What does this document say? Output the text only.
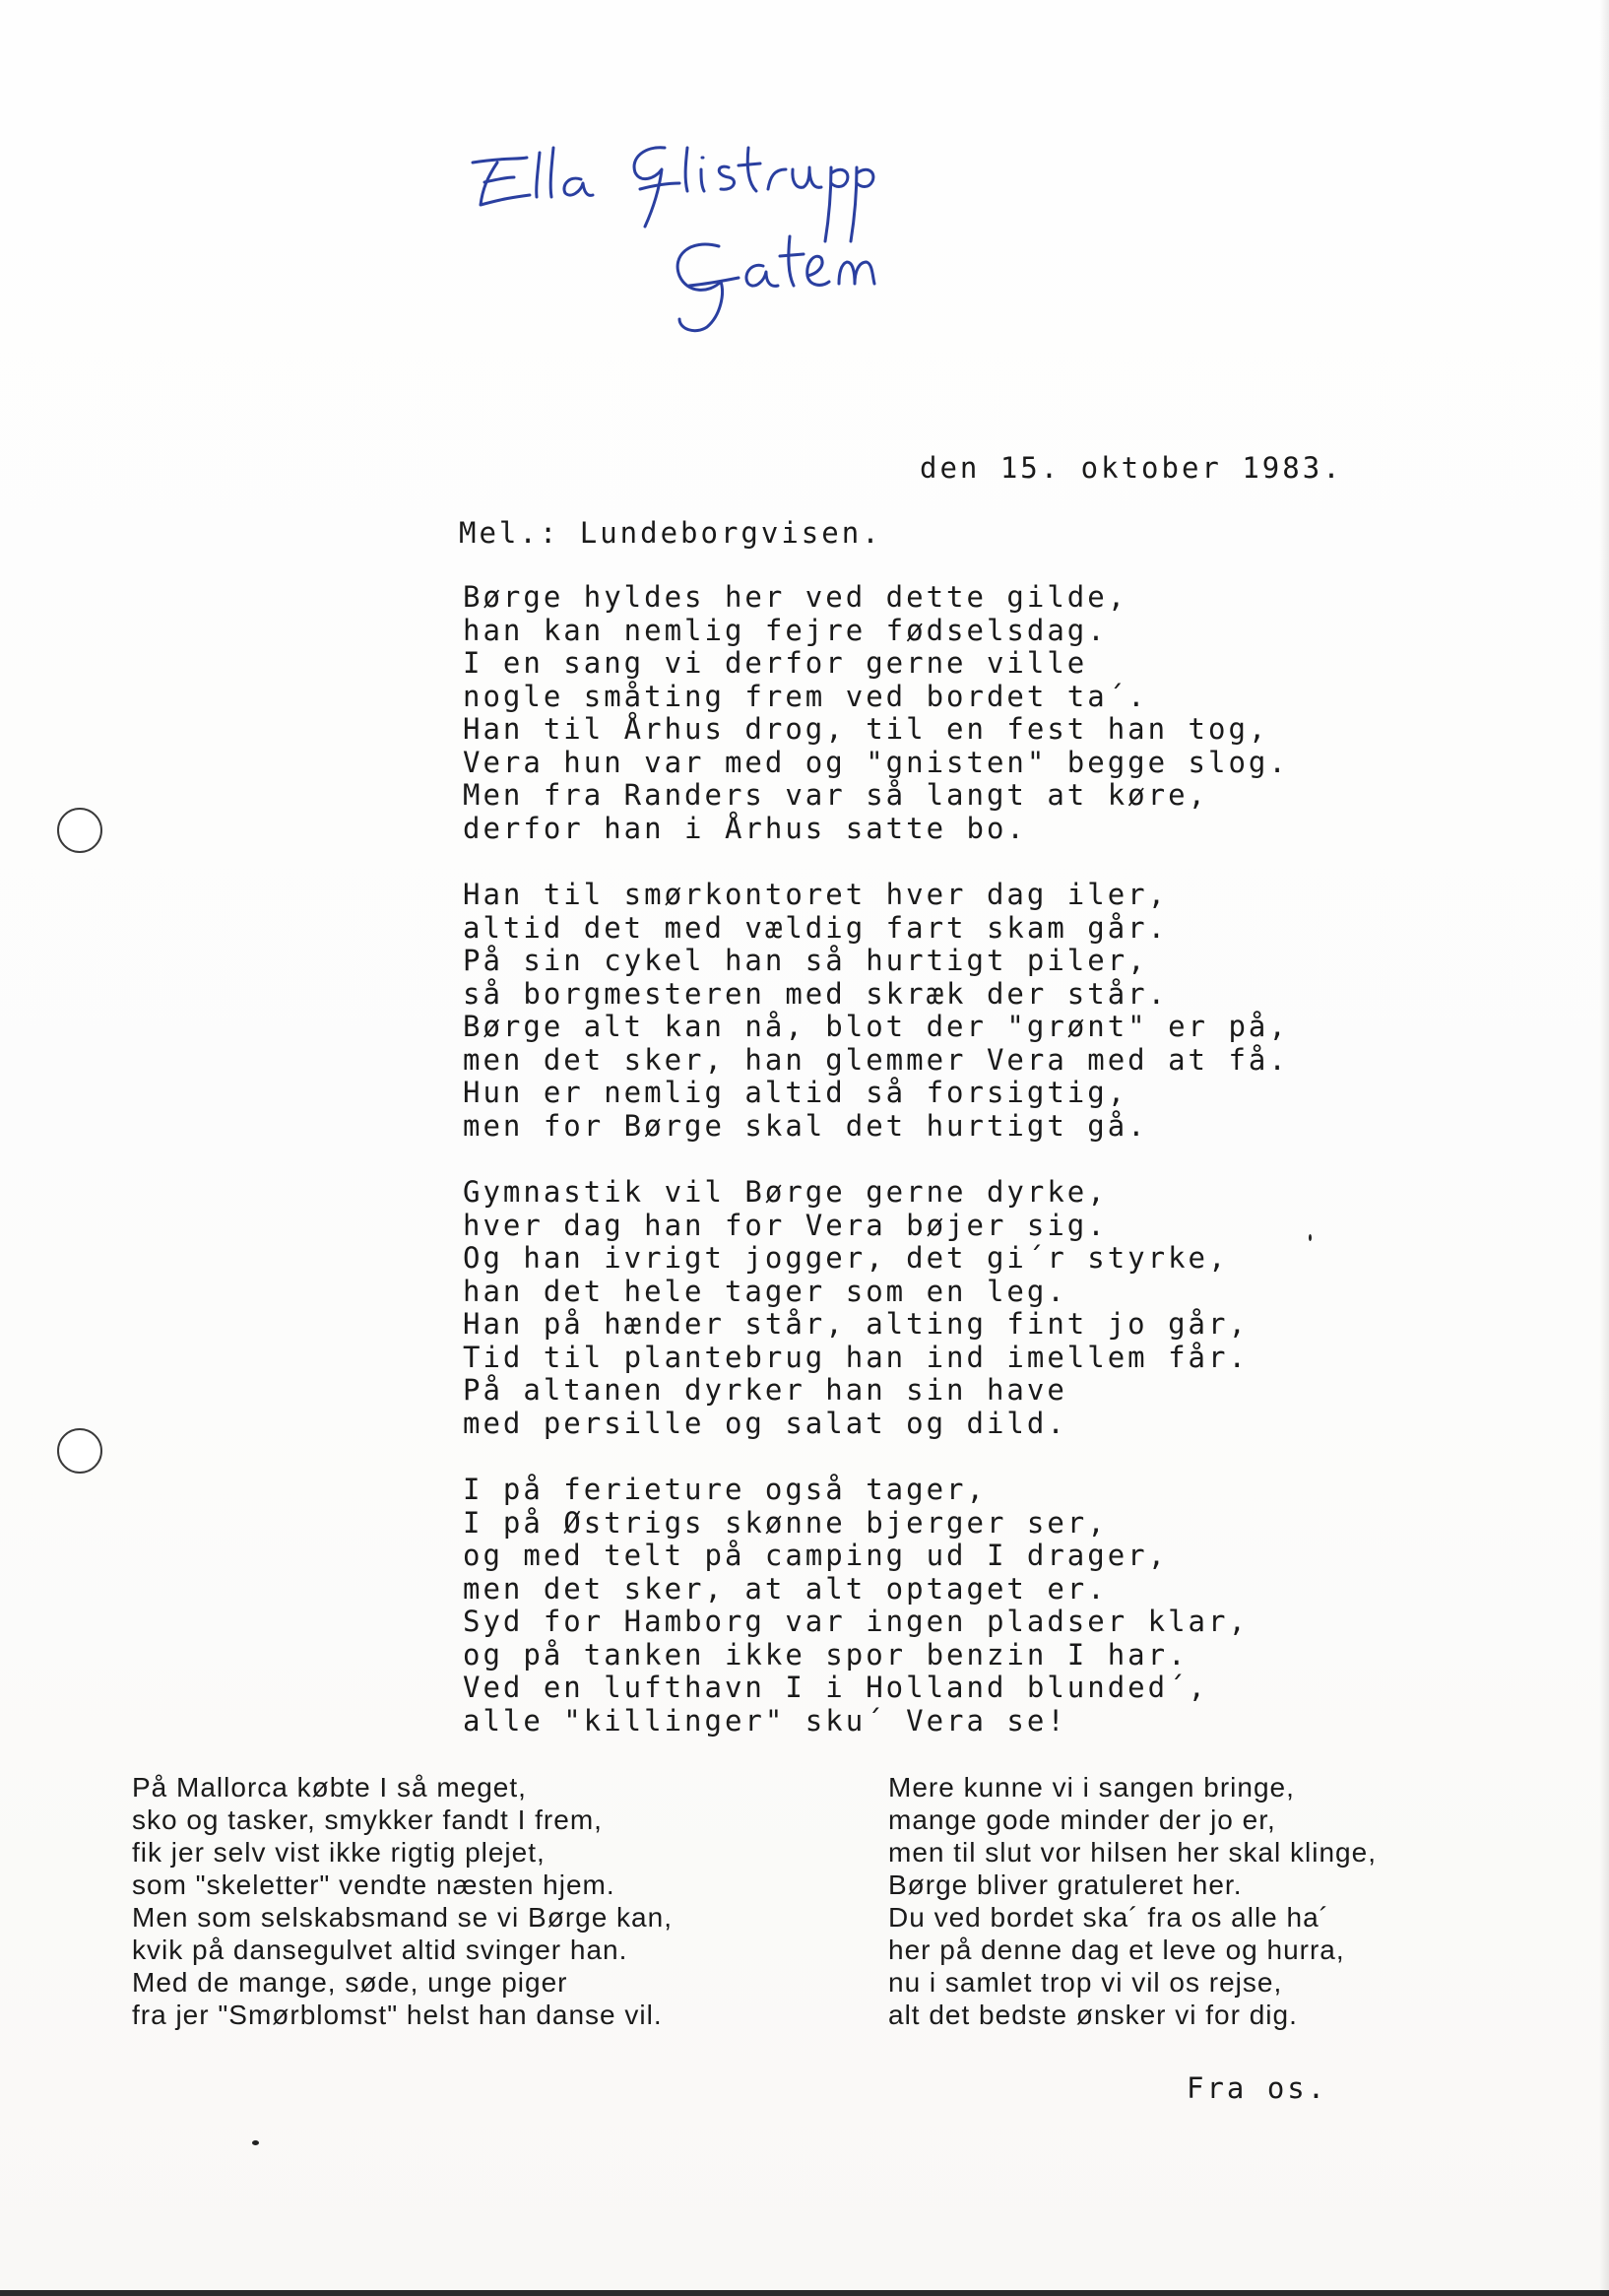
den 15. oktober 1983.
Mel.: Lundeborgvisen.
Børge hyldes her ved dette gilde,
han kan nemlig fejre fødselsdag.
I en sang vi derfor gerne ville
nogle småting frem ved bordet ta´.
Han til Århus drog, til en fest han tog,
Vera hun var med og "gnisten" begge slog.
Men fra Randers var så langt at køre,
derfor han i Århus satte bo.
Han til smørkontoret hver dag iler,
altid det med vældig fart skam går.
På sin cykel han så hurtigt piler,
så borgmesteren med skræk der står.
Børge alt kan nå, blot der "grønt" er på,
men det sker, han glemmer Vera med at få.
Hun er nemlig altid så forsigtig,
men for Børge skal det hurtigt gå.
Gymnastik vil Børge gerne dyrke,
hver dag han for Vera bøjer sig.
Og han ivrigt jogger, det gi´r styrke,
han det hele tager som en leg.
Han på hænder står, alting fint jo går,
Tid til plantebrug han ind imellem får.
På altanen dyrker han sin have
med persille og salat og dild.
I på ferieture også tager,
I på Østrigs skønne bjerger ser,
og med telt på camping ud I drager,
men det sker, at alt optaget er.
Syd for Hamborg var ingen pladser klar,
og på tanken ikke spor benzin I har.
Ved en lufthavn I i Holland blunded´,
alle "killinger" sku´ Vera se!
På Mallorca købte I så meget,
sko og tasker, smykker fandt I frem,
fik jer selv vist ikke rigtig plejet,
som "skeletter" vendte næsten hjem.
Men som selskabsmand se vi Børge kan,
kvik på dansegulvet altid svinger han.
Med de mange, søde, unge piger
fra jer "Smørblomst" helst han danse vil.
Mere kunne vi i sangen bringe,
mange gode minder der jo er,
men til slut vor hilsen her skal klinge,
Børge bliver gratuleret her.
Du ved bordet ska´ fra os alle ha´
her på denne dag et leve og hurra,
nu i samlet trop vi vil os rejse,
alt det bedste ønsker vi for dig.
Fra os.
